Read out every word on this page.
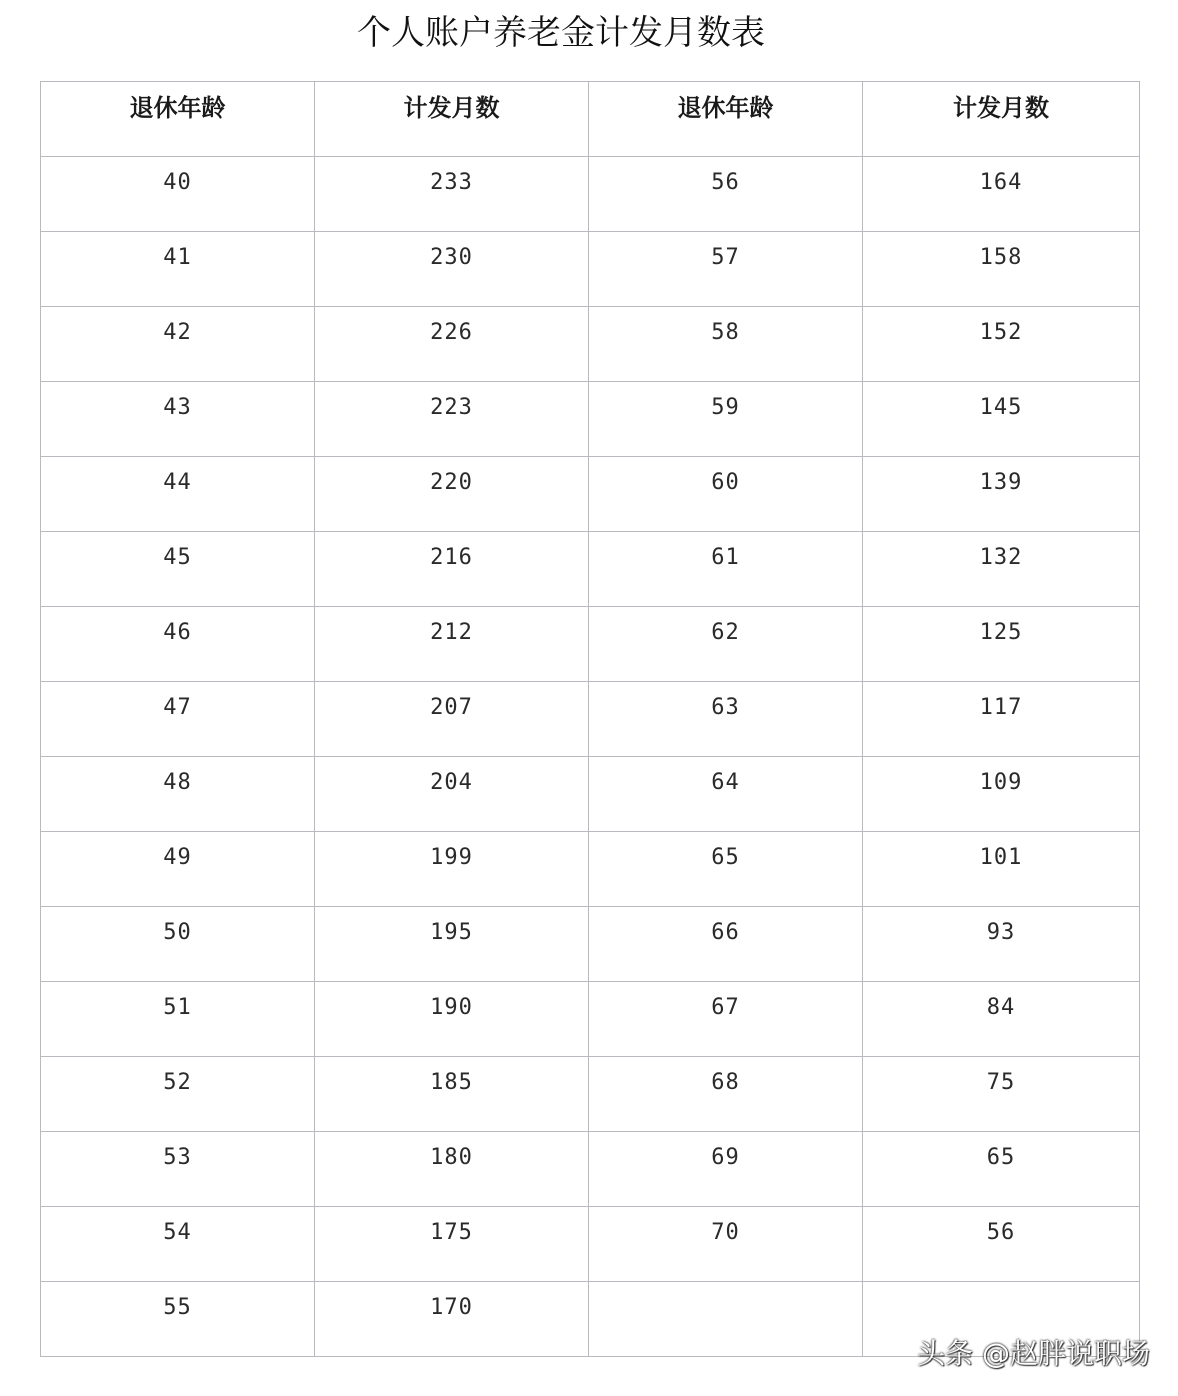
个人账户养老金计发月数表
退休年龄	计发月数	退休年龄	计发月数
40	233	56	164
41	230	57	158
42	226	58	152
43	223	59	145
44	220	60	139
45	216	61	132
46	212	62	125
47	207	63	117
48	204	64	109
49	199	65	101
50	195	66	93
51	190	67	84
52	185	68	75
53	180	69	65
54	175	70	56
55	170		
头条 @赵胖说职场
